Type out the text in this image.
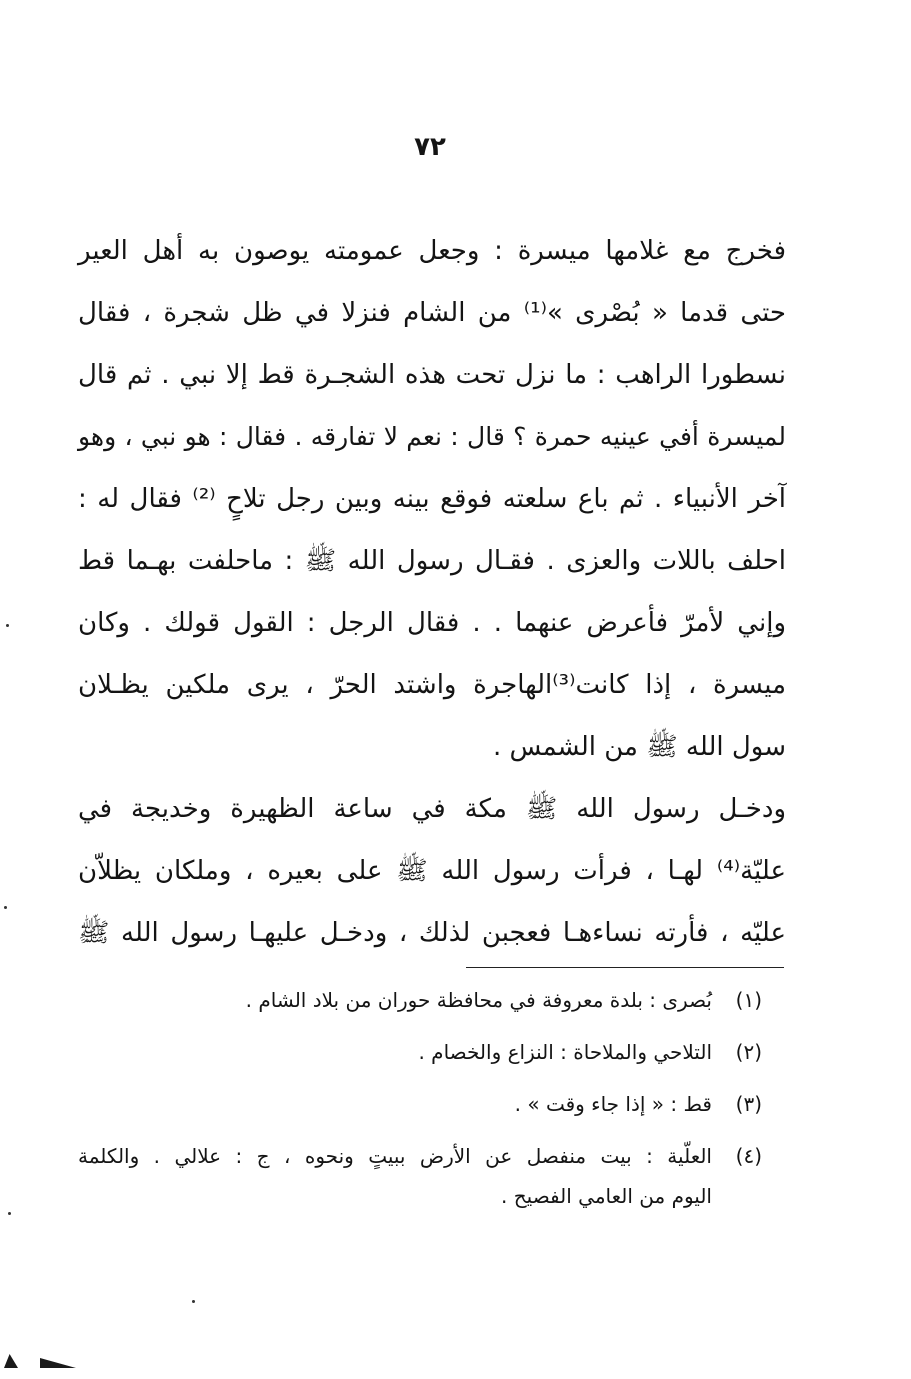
٧٢
فخرج مع غلامها ميسرة : وجعل عمومته يوصون به أهل العير
حتى قدما « بُصْرى »⁽¹⁾ من الشام فنزلا في ظل شجرة ، فقال
نسطورا الراهب : ما نزل تحت هذه الشجـرة قط إلا نبي . ثم قال
لميسرة أفي عينيه حمرة ؟ قال : نعم لا تفارقه . فقال : هو نبي ، وهو
آخر الأنبياء . ثم باع سلعته فوقع بينه وبين رجل تلاحٍ ⁽²⁾ فقال له :
احلف باللات والعزى . فقـال رسول الله ﷺ : ماحلفت بهـما قط
وإني لأمرّ فأعرض عنهما . . فقال الرجل : القول قولك . وكان
ميسرة ، إذا كانت⁽³⁾الهاجرة واشتد الحرّ ، يرى ملكين يظـلان
سول الله ﷺ من الشمس .
ودخـل رسول الله ﷺ مكة في ساعة الظهيرة وخديجة في
عليّة⁽⁴⁾ لهـا ، فرأت رسول الله ﷺ على بعيره ، وملكان يظلاّن
عليّه ، فأرته نساءهـا فعجبن لذلك ، ودخـل عليهـا رسول الله ﷺ
(١)
بُصرى : بلدة معروفة في محافظة حوران من بلاد الشام .
(٢)
التلاحي والملاحاة : النزاع والخصام .
(٣)
قط : « إذا جاء وقت » .
(٤)
العلّية : بيت منفصل عن الأرض ببيتٍ ونحوه ، ج : علالي . والكلمة
اليوم من العامي الفصيح .
